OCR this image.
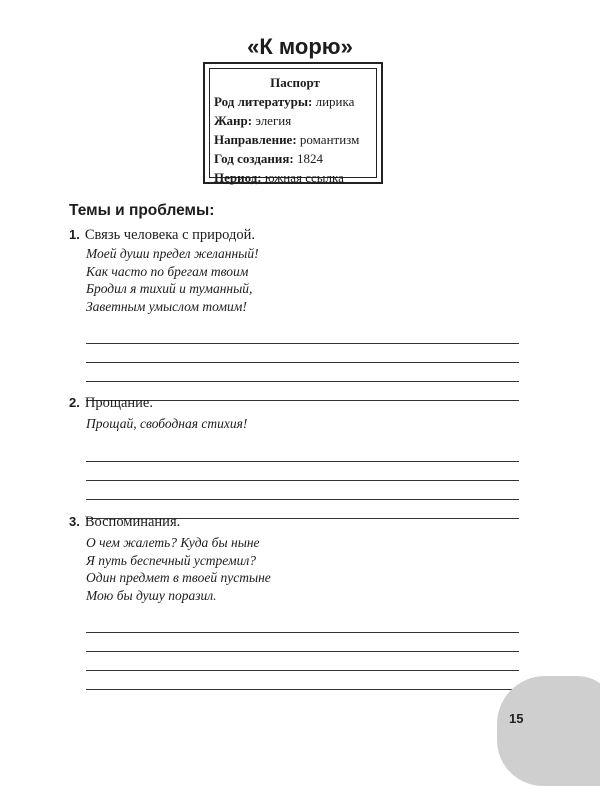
«К морю»
Паспорт
Род литературы: лирика
Жанр: элегия
Направление: романтизм
Год создания: 1824
Период: южная ссылка
Темы и проблемы:
1. Связь человека с природой.
Моей души предел желанный!
Как часто по брегам твоим
Бродил я тихий и туманный,
Заветным умыслом томим!
2. Прощание.
Прощай, свободная стихия!
3. Воспоминания.
О чем жалеть? Куда бы ныне
Я путь беспечный устремил?
Один предмет в твоей пустыне
Мою бы душу поразил.
15
